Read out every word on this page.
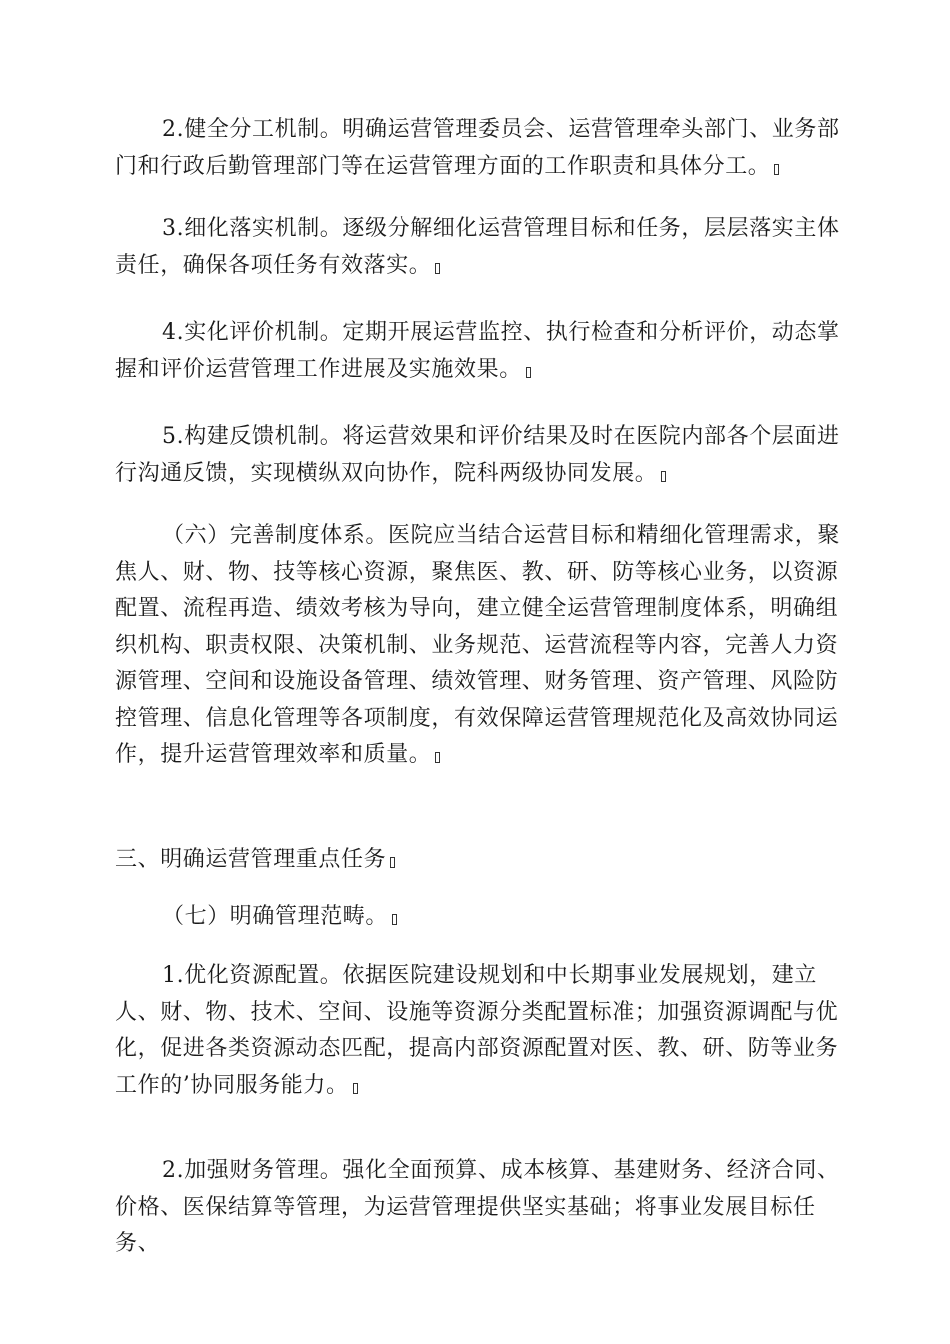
2.健全分工机制。明确运营管理委员会、运营管理牵头部门、业务部门和行政后勤管理部门等在运营管理方面的工作职责和具体分工。

3.细化落实机制。逐级分解细化运营管理目标和任务，层层落实主体责任，确保各项任务有效落实。

4.实化评价机制。定期开展运营监控、执行检查和分析评价，动态掌握和评价运营管理工作进展及实施效果。

5.构建反馈机制。将运营效果和评价结果及时在医院内部各个层面进行沟通反馈，实现横纵双向协作，院科两级协同发展。

（六）完善制度体系。医院应当结合运营目标和精细化管理需求，聚焦人、财、物、技等核心资源，聚焦医、教、研、防等核心业务，以资源配置、流程再造、绩效考核为导向，建立健全运营管理制度体系，明确组织机构、职责权限、决策机制、业务规范、运营流程等内容，完善人力资源管理、空间和设施设备管理、绩效管理、财务管理、资产管理、风险防控管理、信息化管理等各项制度，有效保障运营管理规范化及高效协同运作，提升运营管理效率和质量。

三、明确运营管理重点任务

（七）明确管理范畴。

1.优化资源配置。依据医院建设规划和中长期事业发展规划，建立人、财、物、技术、空间、设施等资源分类配置标准；加强资源调配与优化，促进各类资源动态匹配，提高内部资源配置对医、教、研、防等业务工作的’协同服务能力。

2.加强财务管理。强化全面预算、成本核算、基建财务、经济合同、价格、医保结算等管理，为运营管理提供坚实基础；将事业发展目标任务、
